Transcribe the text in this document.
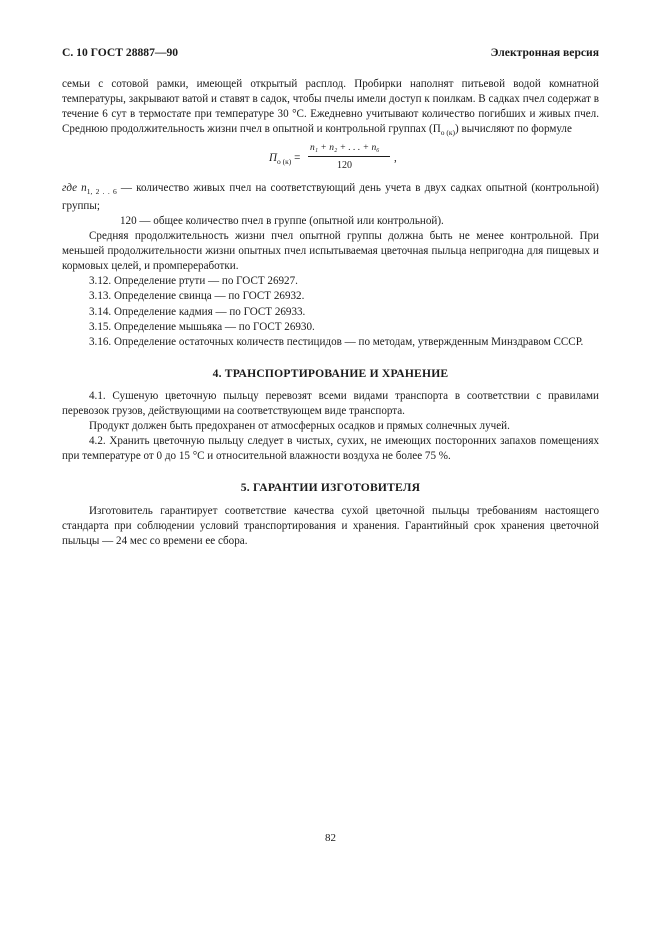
С. 10 ГОСТ 28887—90	Электронная версия

семьи с сотовой рамки, имеющей открытый расплод. Пробирки наполнят питьевой водой комнатной температуры, закрывают ватой и ставят в садок, чтобы пчелы имели доступ к поилкам. В садках пчел содержат в течение 6 сут в термостате при температуре 30 °С. Ежедневно учитывают количество погибших и живых пчел. Среднюю продолжительность жизни пчел в опытной и контрольной группах $(П_{о (к)})$ вычисляют по формуле

$П_{о (к)}$ =
n₁ + n₂ + . . . + n₆
120
,

где $n_{1, 2 . . 6}$ — количество живых пчел на соответствующий день учета в двух садках опытной (контрольной) группы;

120 — общее количество пчел в группе (опытной или контрольной).

Средняя продолжительность жизни пчел опытной группы должна быть не менее контрольной. При меньшей продолжительности жизни опытных пчел испытываемая цветочная пыльца непригодна для пищевых и кормовых целей, и промпереработки.

3.12. Определение ртути — по ГОСТ 26927.

3.13. Определение свинца — по ГОСТ 26932.

3.14. Определение кадмия — по ГОСТ 26933.

3.15. Определение мышьяка — по ГОСТ 26930.

3.16. Определение остаточных количеств пестицидов — по методам, утвержденным Минздравом СССР.

4. ТРАНСПОРТИРОВАНИЕ И ХРАНЕНИЕ

4.1. Сушеную цветочную пыльцу перевозят всеми видами транспорта в соответствии с правилами перевозок грузов, действующими на соответствующем виде транспорта.

Продукт должен быть предохранен от атмосферных осадков и прямых солнечных лучей.

4.2. Хранить цветочную пыльцу следует в чистых, сухих, не имеющих посторонних запахов помещениях при температуре от 0 до 15 °С и относительной влажности воздуха не более 75 %.

5. ГАРАНТИИ ИЗГОТОВИТЕЛЯ

Изготовитель гарантирует соответствие качества сухой цветочной пыльцы требованиям настоящего стандарта при соблюдении условий транспортирования и хранения. Гарантийный срок хранения цветочной пыльцы — 24 мес со времени ее сбора.

82
